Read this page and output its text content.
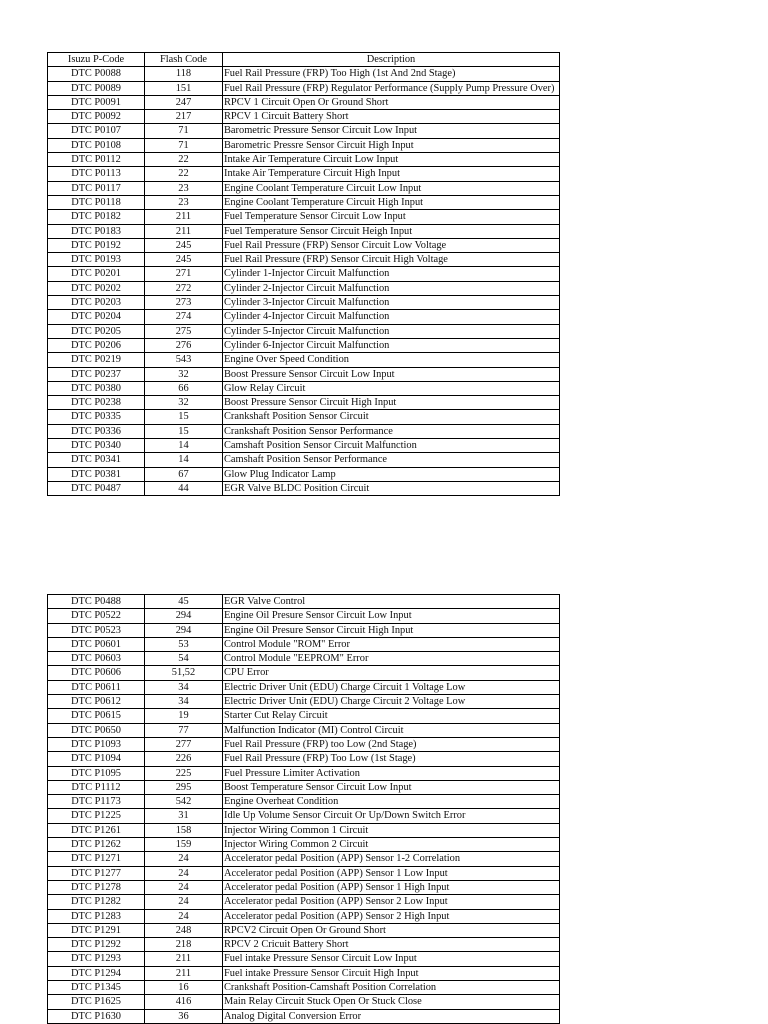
Isuzu P-Code	Flash Code	Description
DTC P0088	118	Fuel Rail Pressure (FRP) Too High (1st And 2nd Stage)
DTC P0089	151	Fuel Rail Pressure (FRP) Regulator Performance (Supply Pump Pressure Over)
DTC P0091	247	RPCV 1 Circuit Open Or Ground Short
DTC P0092	217	RPCV 1 Circuit Battery Short
DTC P0107	71	Barometric Pressure Sensor Circuit Low Input
DTC P0108	71	Barometric Pressre Sensor Circuit High Input
DTC P0112	22	Intake Air Temperature Circuit Low Input
DTC P0113	22	Intake Air Temperature Circuit High Input
DTC P0117	23	Engine Coolant Temperature Circuit Low Input
DTC P0118	23	Engine Coolant Temperature Circuit High Input
DTC P0182	211	Fuel Temperature Sensor Circuit Low Input
DTC P0183	211	Fuel Temperature Sensor Circuit Heigh Input
DTC P0192	245	Fuel Rail Pressure (FRP) Sensor Circuit Low Voltage
DTC P0193	245	Fuel Rail Pressure (FRP) Sensor Circuit High Voltage
DTC P0201	271	Cylinder 1-Injector Circuit Malfunction
DTC P0202	272	Cylinder 2-Injector Circuit Malfunction
DTC P0203	273	Cylinder 3-Injector Circuit Malfunction
DTC P0204	274	Cylinder 4-Injector Circuit Malfunction
DTC P0205	275	Cylinder 5-Injector Circuit Malfunction
DTC P0206	276	Cylinder 6-Injector Circuit Malfunction
DTC P0219	543	Engine Over Speed Condition
DTC P0237	32	Boost Pressure Sensor Circuit Low Input
DTC P0380	66	Glow Relay Circuit
DTC P0238	32	Boost Pressure Sensor Circuit High Input
DTC P0335	15	Crankshaft Position Sensor Circuit
DTC P0336	15	Crankshaft Position Sensor Performance
DTC P0340	14	Camshaft Position Sensor Circuit Malfunction
DTC P0341	14	Camshaft Position Sensor Performance
DTC P0381	67	Glow Plug Indicator Lamp
DTC P0487	44	EGR Valve BLDC Position Circuit
DTC P0488	45	EGR Valve Control
DTC P0522	294	Engine Oil Presure Sensor Circuit Low Input
DTC P0523	294	Engine Oil Presure Sensor Circuit High Input
DTC P0601	53	Control Module "ROM" Error
DTC P0603	54	Control Module "EEPROM" Error
DTC P0606	51,52	CPU Error
DTC P0611	34	Electric Driver Unit (EDU) Charge Circuit 1 Voltage Low
DTC P0612	34	Electric Driver Unit (EDU) Charge Circuit 2 Voltage Low
DTC P0615	19	Starter Cut Relay Circuit
DTC P0650	77	Malfunction Indicator (MI) Control Circuit
DTC P1093	277	Fuel Rail Pressure (FRP) too Low (2nd Stage)
DTC P1094	226	Fuel Rail Pressure (FRP) Too Low (1st Stage)
DTC P1095	225	Fuel Pressure Limiter Activation
DTC P1112	295	Boost Temperature Sensor Circuit Low Input
DTC P1173	542	Engine Overheat Condition
DTC P1225	31	Idle Up Volume Sensor Circuit Or Up/Down Switch Error
DTC P1261	158	Injector Wiring Common 1 Circuit
DTC P1262	159	Injector Wiring Common 2 Circuit
DTC P1271	24	Accelerator pedal Position (APP) Sensor 1-2 Correlation
DTC P1277	24	Accelerator pedal Position (APP) Sensor 1 Low Input
DTC P1278	24	Accelerator pedal Position (APP) Sensor 1 High Input
DTC P1282	24	Accelerator pedal Position (APP) Sensor 2 Low Input
DTC P1283	24	Accelerator pedal Position (APP) Sensor 2 High Input
DTC P1291	248	RPCV2 Circuit Open Or Ground Short
DTC P1292	218	RPCV 2 Cricuit Battery Short
DTC P1293	211	Fuel intake Pressure Sensor Circuit Low Input
DTC P1294	211	Fuel intake Pressure Sensor Circuit High Input
DTC P1345	16	Crankshaft Position-Camshaft Position Correlation
DTC P1625	416	Main Relay Circuit Stuck Open Or Stuck Close
DTC P1630	36	Analog Digital Conversion Error
